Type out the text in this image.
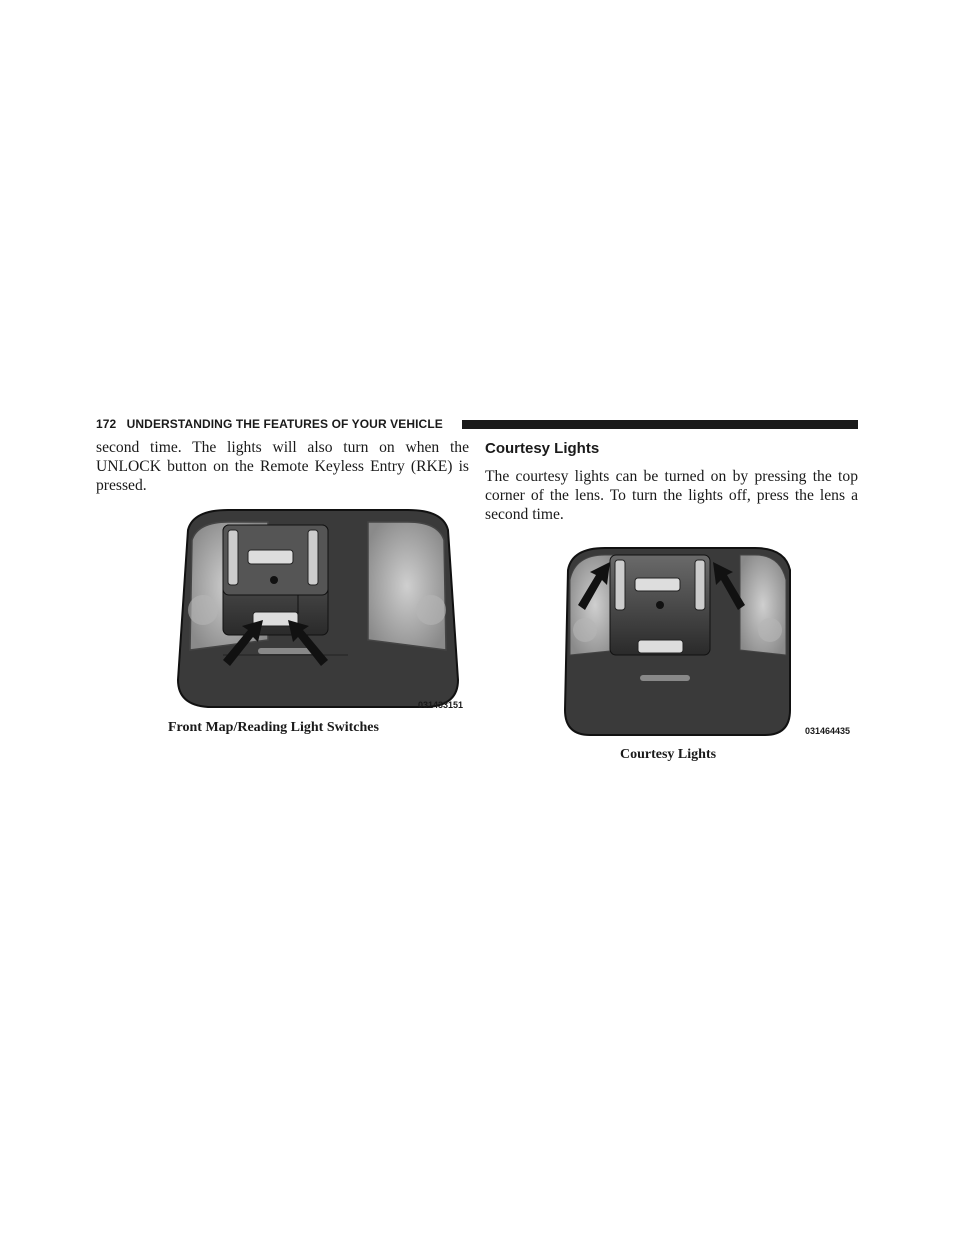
172 UNDERSTANDING THE FEATURES OF YOUR VEHICLE

second time. The lights will also turn on when the UNLOCK button on the Remote Keyless Entry (RKE) is pressed.

Courtesy Lights

The courtesy lights can be turned on by pressing the top corner of the lens. To turn the lights off, press the lens a second time.

031433151
Front Map/Reading Light Switches	031464435
Courtesy Lights
